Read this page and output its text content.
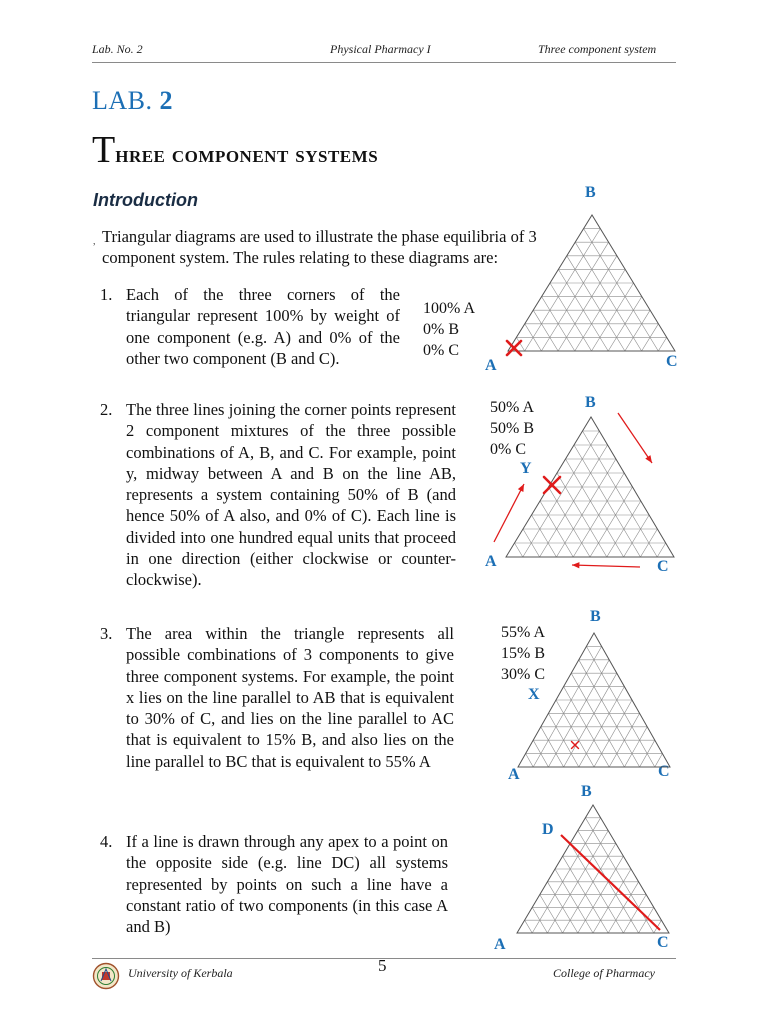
Lab. No. 2	Physical Pharmacy I	Three component system
LAB. 2
Three component systems
Introduction
, Triangular diagrams are used to illustrate the phase equilibria of 3 component system. The rules relating to these diagrams are:
1. Each of the three corners of the triangular represent 100% by weight of one component (e.g. A) and 0% of the other two component (B and C).
2. The three lines joining the corner points represent 2 component mixtures of the three possible combinations of A, B, and C. For example, point y, midway between A and B on the line AB, represents a system containing 50% of B (and hence 50% of A also, and 0% of C). Each line is divided into one hundred equal units that proceed in one direction (either clockwise or counter-clockwise).
3. The area within the triangle represents all possible combinations of 3 components to give three component systems. For example, the point x lies on the line parallel to AB that is equivalent to 30% of C, and lies on the line parallel to AC that is equivalent to 15% B, and also lies on the line parallel to BC that is equivalent to 55% A
4. If a line is drawn through any apex to a point on the opposite side (e.g. line DC) all systems represented by points on such a line have a constant ratio of two components (in this case A and B)
100% A
0% B
0% C
50% A
50% B
0% C
55% A
15% B
30% C
B
A	C
B
A	C
Y
B
A	C
X
B
A	C
D
University of Kerbala	5	College of Pharmacy
